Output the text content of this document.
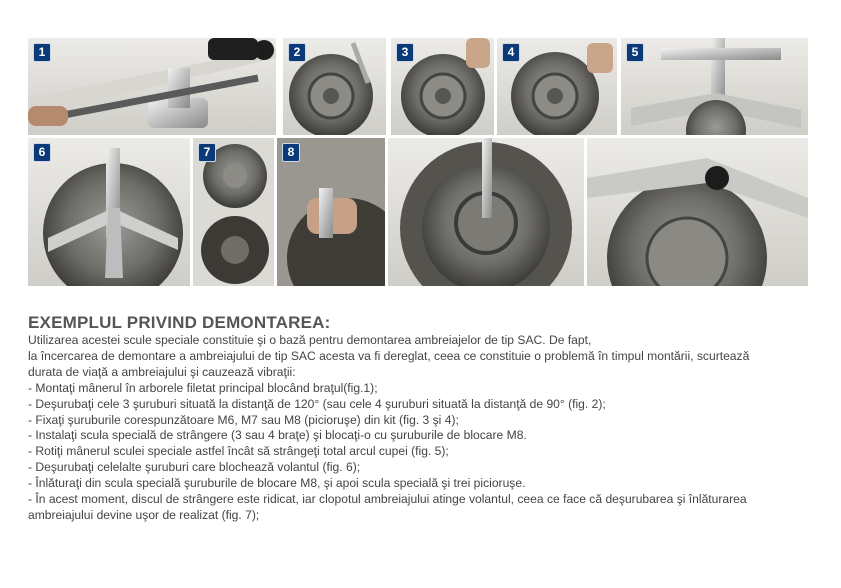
1	2	3	4	5
6	7	8
EXEMPLUL PRIVIND DEMONTAREA:

Utilizarea acestei scule speciale constituie şi o bază pentru demontarea ambreiajelor de tip SAC. De fapt,

la încercarea de demontare a ambreiajului de tip SAC acesta va fi dereglat, ceea ce constituie o problemă în timpul montării, scurtează

durata de viaţă a ambreiajului şi cauzează vibraţii:

- Montaţi mânerul în arborele filetat principal blocând braţul(fig.1);

- Deşurubaţi cele 3 şuruburi situată la distanţă de 120° (sau cele 4 şuruburi situată la distanţă de 90° (fig. 2);

- Fixaţi şuruburile corespunzătoare M6, M7 sau M8 (picioruşe) din kit (fig. 3 şi 4);

- Instalaţi scula specială de strângere (3 sau 4 braţe) şi blocaţi-o cu şuruburile de blocare M8.

- Rotiţi mânerul sculei speciale astfel încât să strângeţi total arcul cupei (fig. 5);

- Deşurubaţi celelalte şuruburi care blochează volantul (fig. 6);

- Înlăturaţi din scula specială şuruburile de blocare M8, şi apoi scula specială şi trei picioruşe.

- În acest moment, discul de strângere este ridicat, iar clopotul ambreiajului atinge volantul, ceea ce face că deşurubarea şi înlăturarea

ambreiajului devine uşor de realizat (fig. 7);
